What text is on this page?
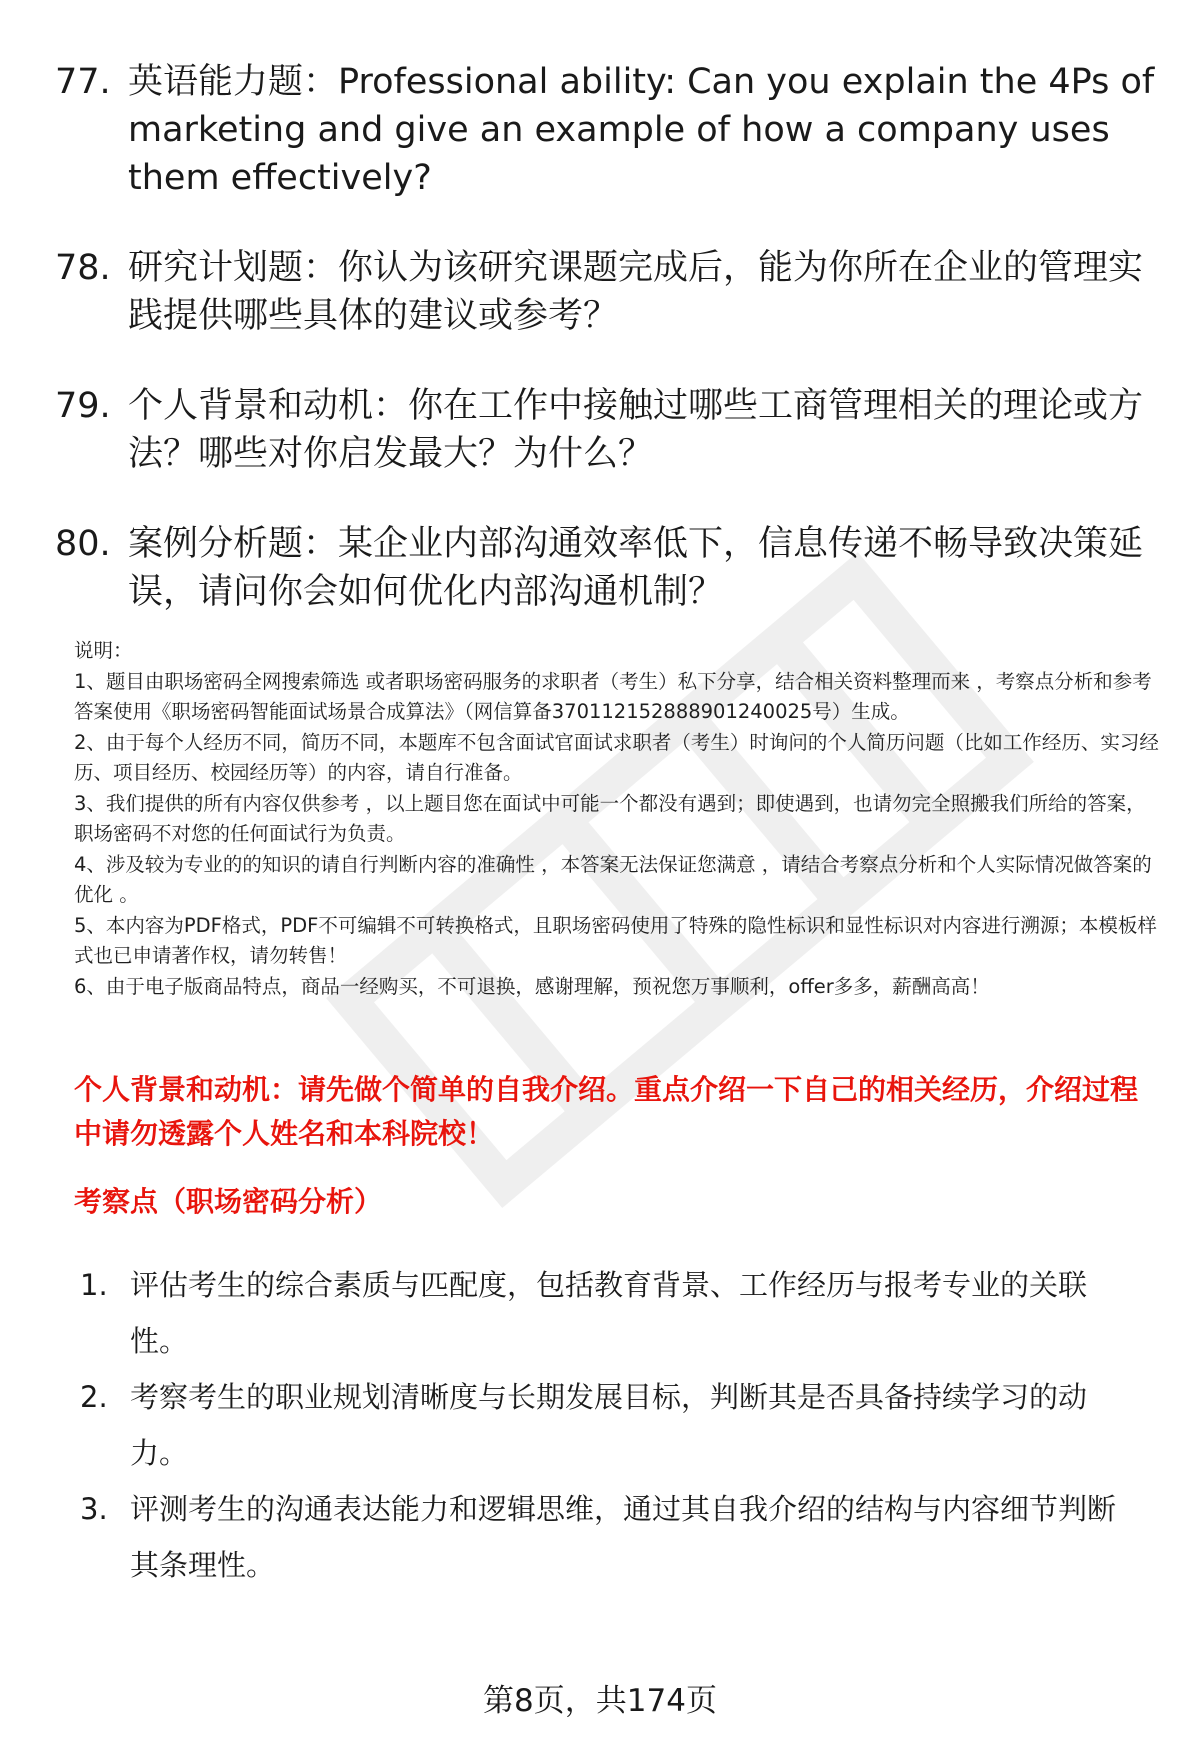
77. 英语能力题：Professional ability: Can you explain the 4Ps of marketing and give an example of how a company uses them effectively?
78. 研究计划题：你认为该研究课题完成后，能为你所在企业的管理实践提供哪些具体的建议或参考？
79. 个人背景和动机：你在工作中接触过哪些工商管理相关的理论或方法？哪些对你启发最大？为什么？
80. 案例分析题：某企业内部沟通效率低下，信息传递不畅导致决策延误，请问你会如何优化内部沟通机制？

说明：

1、题目由职场密码全网搜索筛选 或者职场密码服务的求职者（考生）私下分享，结合相关资料整理而来 ，考察点分析和参考答案使用《职场密码智能面试场景合成算法》（网信算备370112152888901240025号）生成。

2、由于每个人经历不同，简历不同，本题库不包含面试官面试求职者（考生）时询问的个人简历问题（比如工作经历、实习经历、项目经历、校园经历等）的内容，请自行准备。

3、我们提供的所有内容仅供参考 ，以上题目您在面试中可能一个都没有遇到；即使遇到，也请勿完全照搬我们所给的答案，职场密码不对您的任何面试行为负责。

4、涉及较为专业的的知识的请自行判断内容的准确性 ，本答案无法保证您满意 ，请结合考察点分析和个人实际情况做答案的优化 。

5、本内容为PDF格式，PDF不可编辑不可转换格式，且职场密码使用了特殊的隐性标识和显性标识对内容进行溯源；本模板样式也已申请著作权，请勿转售！

6、由于电子版商品特点，商品一经购买，不可退换，感谢理解，预祝您万事顺利，offer多多，薪酬高高！

个人背景和动机：请先做个简单的自我介绍。重点介绍一下自己的相关经历，介绍过程中请勿透露个人姓名和本科院校！
考察点（职场密码分析）
1. 评估考生的综合素质与匹配度，包括教育背景、工作经历与报考专业的关联性。
2. 考察考生的职业规划清晰度与长期发展目标，判断其是否具备持续学习的动力。
3. 评测考生的沟通表达能力和逻辑思维，通过其自我介绍的结构与内容细节判断其条理性。
第8页，共174页
